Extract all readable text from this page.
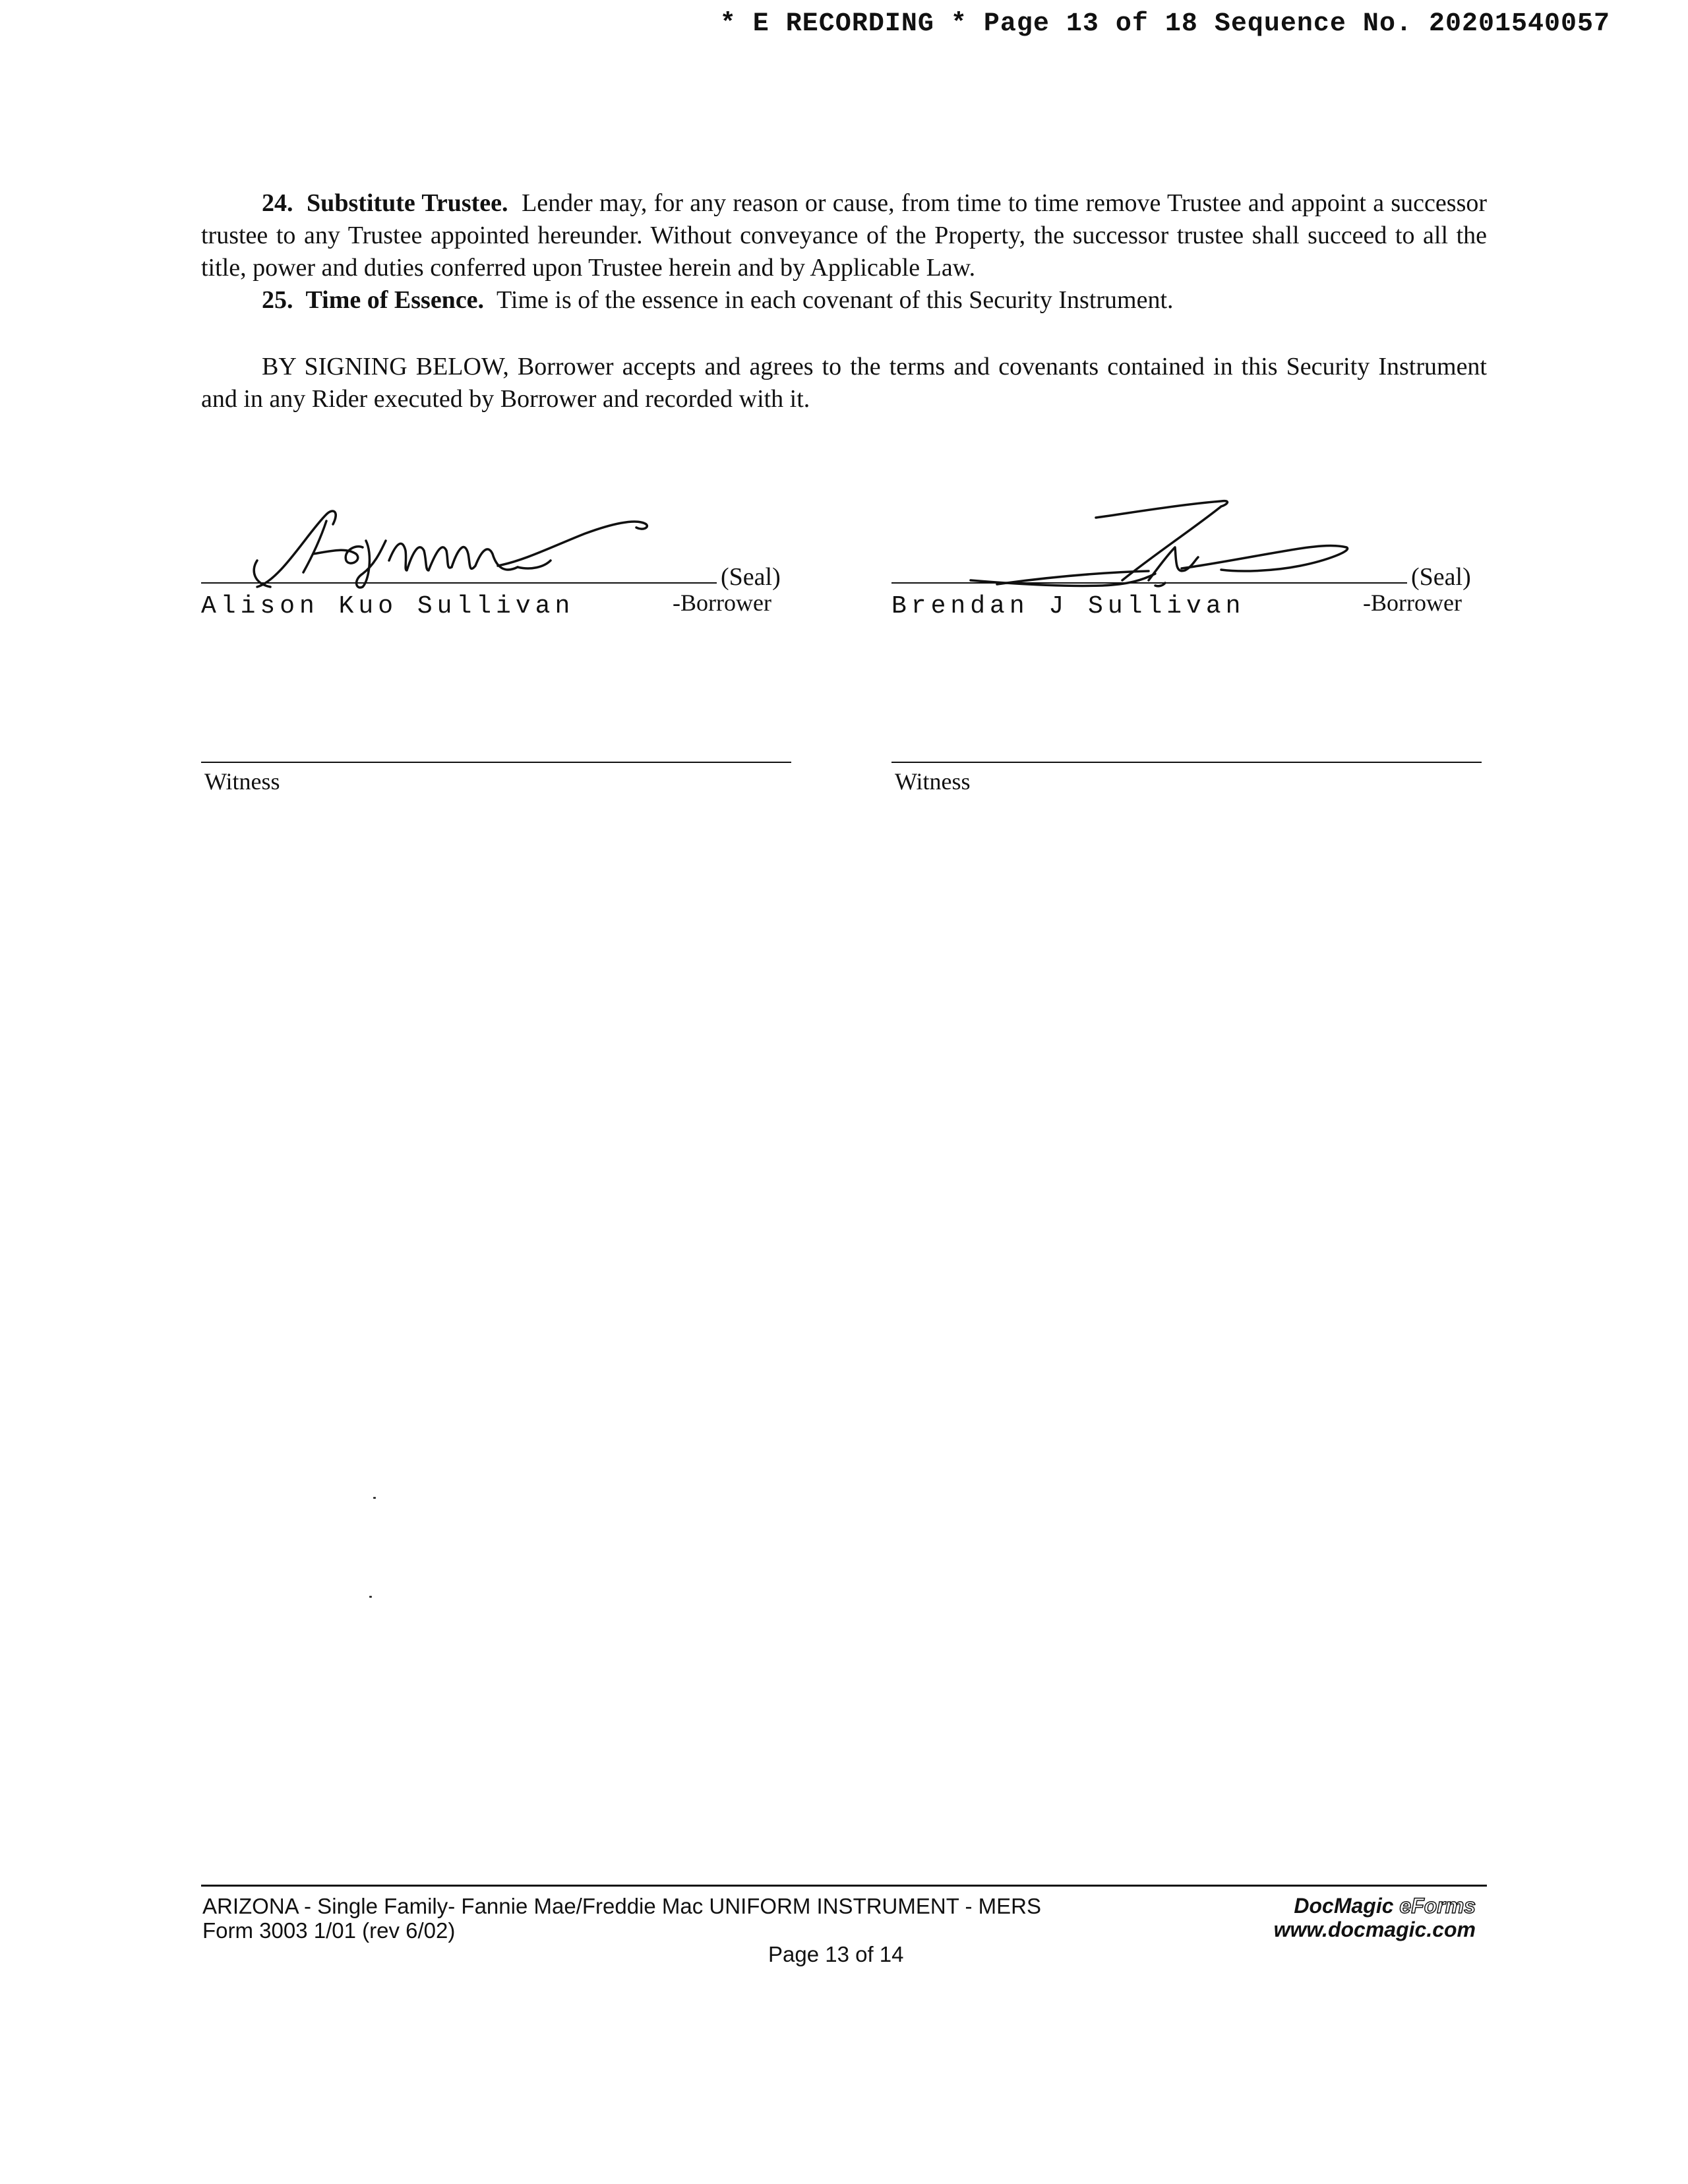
* E RECORDING * Page 13 of 18 Sequence No. 20201540057

24. Substitute Trustee. Lender may, for any reason or cause, from time to time remove Trustee and appoint a successor trustee to any Trustee appointed hereunder. Without conveyance of the Property, the successor trustee shall succeed to all the title, power and duties conferred upon Trustee herein and by Applicable Law.

25. Time of Essence. Time is of the essence in each covenant of this Security Instrument.

BY SIGNING BELOW, Borrower accepts and agrees to the terms and covenants contained in this Security Instrument and in any Rider executed by Borrower and recorded with it.

(Seal)
Alison Kuo Sullivan	-Borrower
(Seal)
Brendan J Sullivan	-Borrower
Witness	Witness
ARIZONA - Single Family- Fannie Mae/Freddie Mac UNIFORM INSTRUMENT - MERS
Form 3003 1/01 (rev 6/02)
Page 13 of 14
DocMagic eForms
www.docmagic.com
